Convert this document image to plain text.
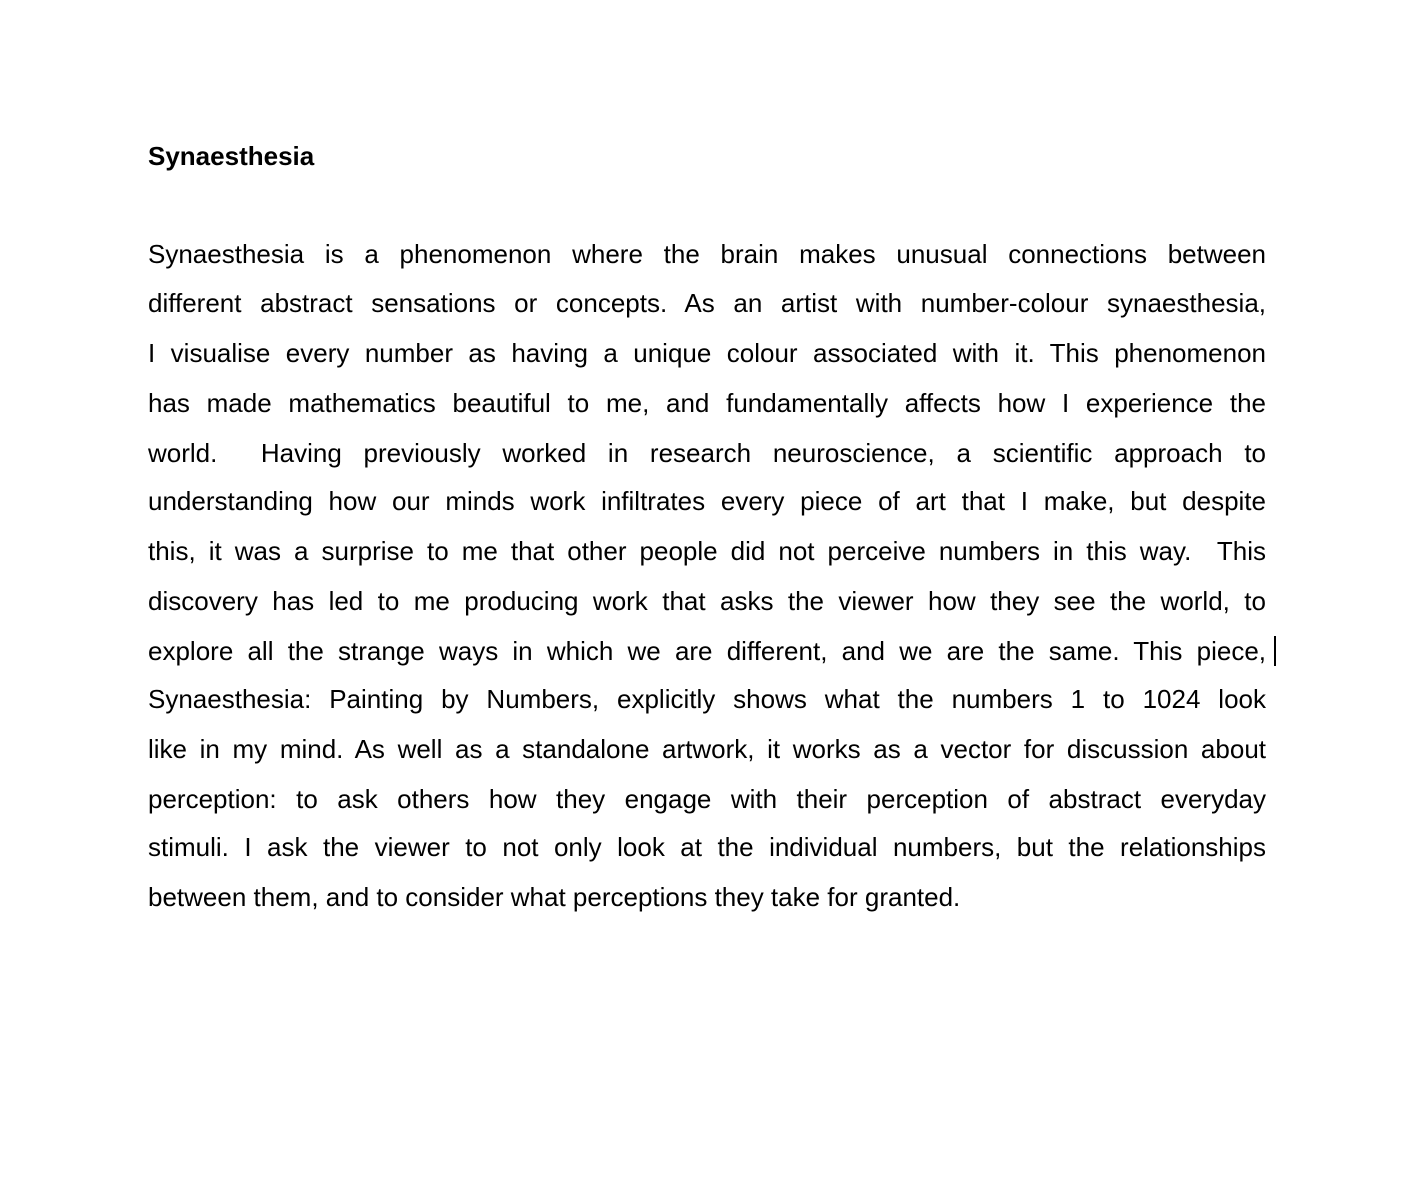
Synaesthesia

Synaesthesia is a phenomenon where the brain makes unusual connections between

different abstract sensations or concepts. As an artist with number-colour synaesthesia,

I visualise every number as having a unique colour associated with it. This phenomenon

has made mathematics beautiful to me, and fundamentally affects how I experience the

world.  Having previously worked in research neuroscience, a scientific approach to

understanding how our minds work infiltrates every piece of art that I make, but despite

this, it was a surprise to me that other people did not perceive numbers in this way.  This

discovery has led to me producing work that asks the viewer how they see the world, to

explore all the strange ways in which we are different, and we are the same. This piece,

Synaesthesia: Painting by Numbers, explicitly shows what the numbers 1 to 1024 look

like in my mind. As well as a standalone artwork, it works as a vector for discussion about

perception: to ask others how they engage with their perception of abstract everyday

stimuli. I ask the viewer to not only look at the individual numbers, but the relationships

between them, and to consider what perceptions they take for granted.
